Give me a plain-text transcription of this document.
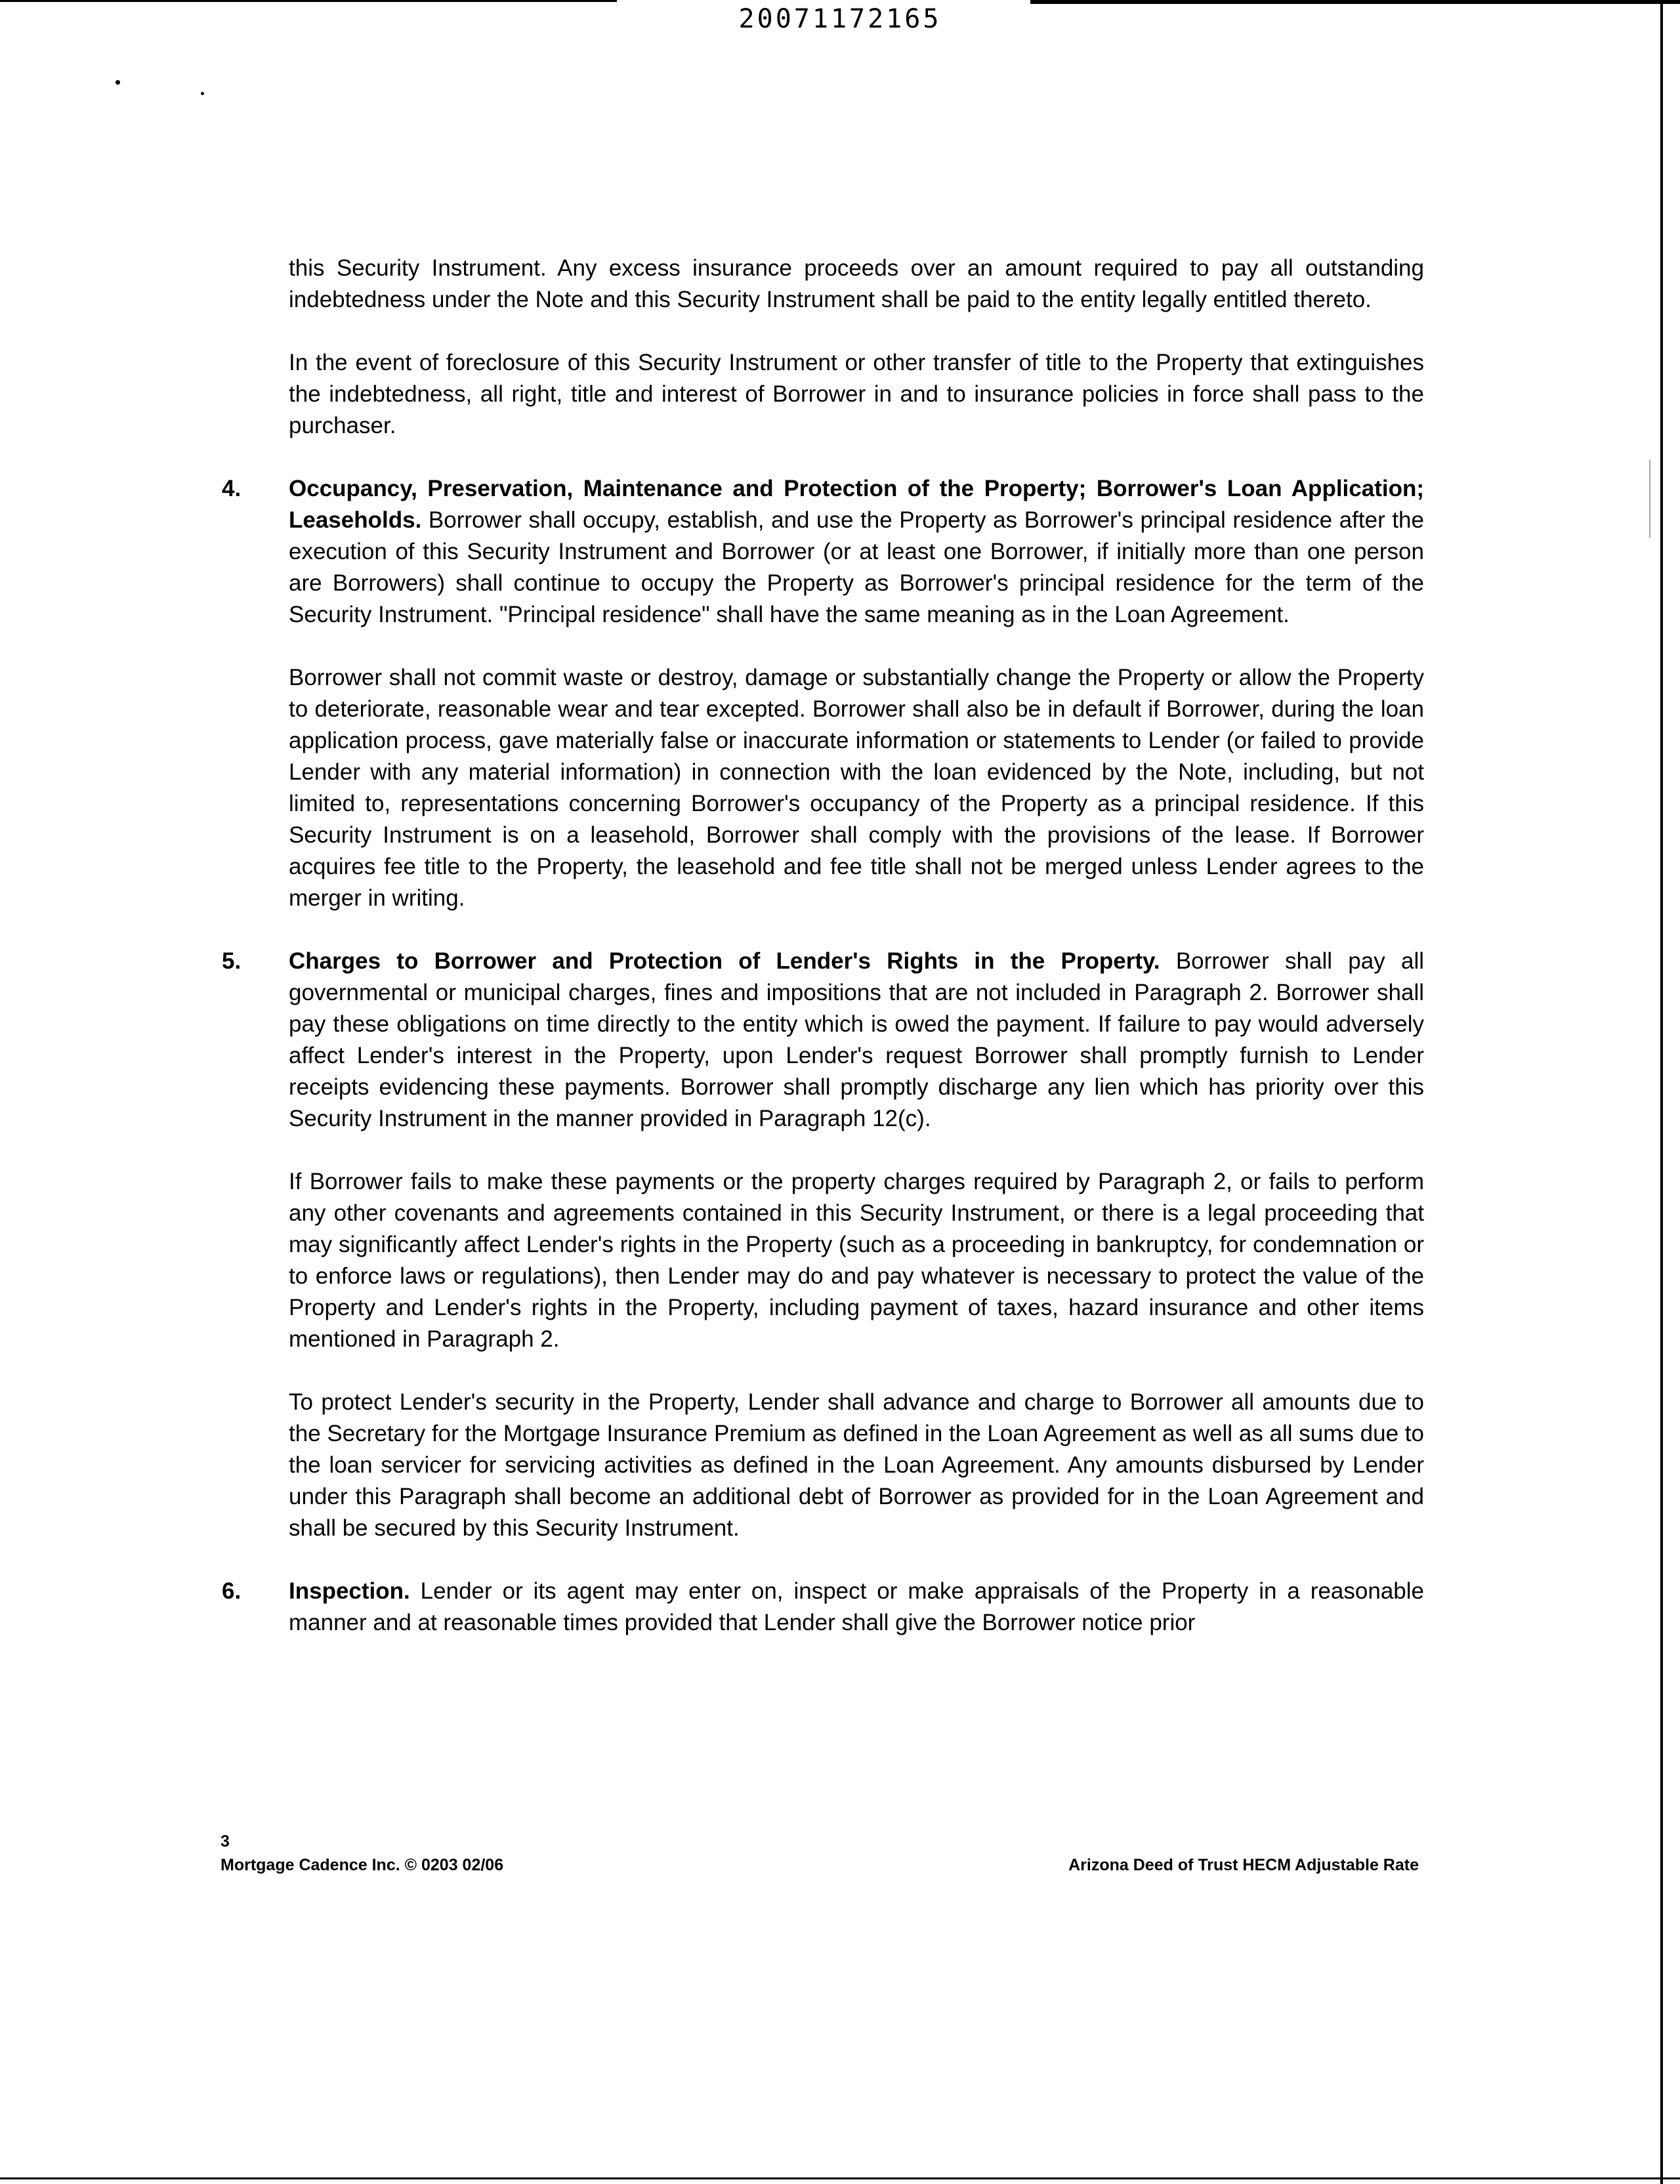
20071172165

this Security Instrument. Any excess insurance proceeds over an amount required to pay all outstanding indebtedness under the Note and this Security Instrument shall be paid to the entity legally entitled thereto.

In the event of foreclosure of this Security Instrument or other transfer of title to the Property that extinguishes the indebtedness, all right, title and interest of Borrower in and to insurance policies in force shall pass to the purchaser.

4. Occupancy, Preservation, Maintenance and Protection of the Property; Borrower's Loan Application; Leaseholds. Borrower shall occupy, establish, and use the Property as Borrower's principal residence after the execution of this Security Instrument and Borrower (or at least one Borrower, if initially more than one person are Borrowers) shall continue to occupy the Property as Borrower's principal residence for the term of the Security Instrument. "Principal residence" shall have the same meaning as in the Loan Agreement.

Borrower shall not commit waste or destroy, damage or substantially change the Property or allow the Property to deteriorate, reasonable wear and tear excepted. Borrower shall also be in default if Borrower, during the loan application process, gave materially false or inaccurate information or statements to Lender (or failed to provide Lender with any material information) in connection with the loan evidenced by the Note, including, but not limited to, representations concerning Borrower's occupancy of the Property as a principal residence. If this Security Instrument is on a leasehold, Borrower shall comply with the provisions of the lease. If Borrower acquires fee title to the Property, the leasehold and fee title shall not be merged unless Lender agrees to the merger in writing.

5. Charges to Borrower and Protection of Lender's Rights in the Property. Borrower shall pay all governmental or municipal charges, fines and impositions that are not included in Paragraph 2. Borrower shall pay these obligations on time directly to the entity which is owed the payment. If failure to pay would adversely affect Lender's interest in the Property, upon Lender's request Borrower shall promptly furnish to Lender receipts evidencing these payments. Borrower shall promptly discharge any lien which has priority over this Security Instrument in the manner provided in Paragraph 12(c).

If Borrower fails to make these payments or the property charges required by Paragraph 2, or fails to perform any other covenants and agreements contained in this Security Instrument, or there is a legal proceeding that may significantly affect Lender's rights in the Property (such as a proceeding in bankruptcy, for condemnation or to enforce laws or regulations), then Lender may do and pay whatever is necessary to protect the value of the Property and Lender's rights in the Property, including payment of taxes, hazard insurance and other items mentioned in Paragraph 2.

To protect Lender's security in the Property, Lender shall advance and charge to Borrower all amounts due to the Secretary for the Mortgage Insurance Premium as defined in the Loan Agreement as well as all sums due to the loan servicer for servicing activities as defined in the Loan Agreement. Any amounts disbursed by Lender under this Paragraph shall become an additional debt of Borrower as provided for in the Loan Agreement and shall be secured by this Security Instrument.

6. Inspection. Lender or its agent may enter on, inspect or make appraisals of the Property in a reasonable manner and at reasonable times provided that Lender shall give the Borrower notice prior

3
Mortgage Cadence Inc. © 0203 02/06	Arizona Deed of Trust HECM Adjustable Rate
